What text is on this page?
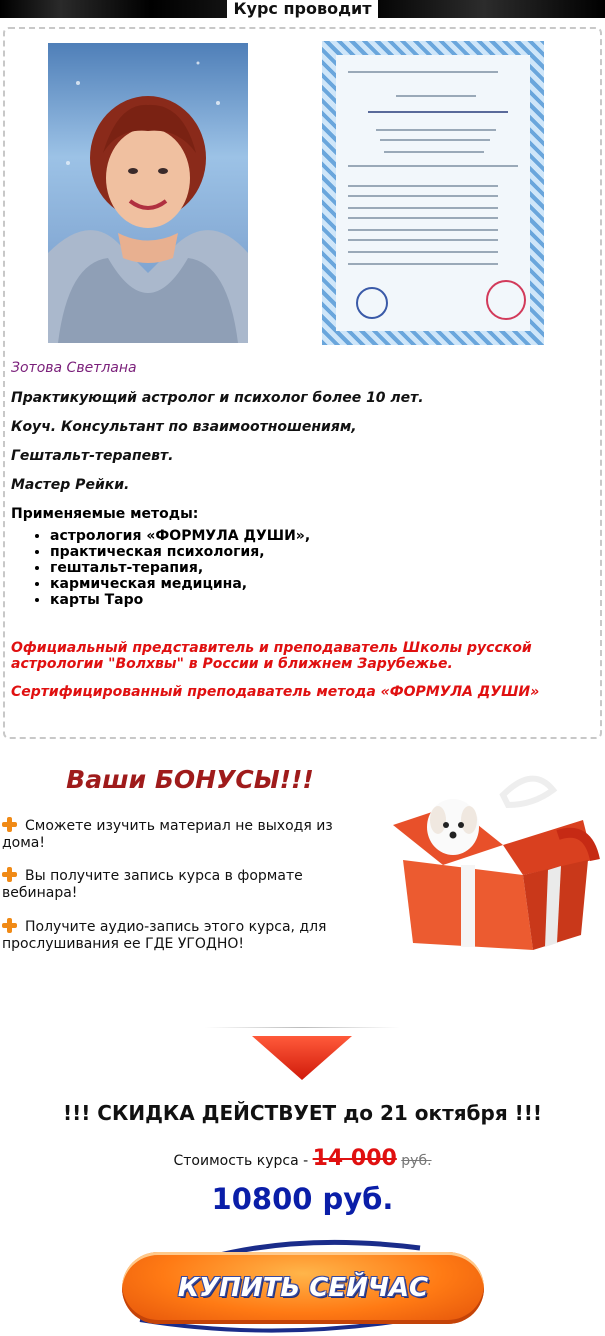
Курс проводит
Зотова Светлана
Практикующий астролог и психолог более 10 лет.
Коуч. Консультант по взаимоотношениям,
Гештальт-терапевт.
Мастер Рейки.
Применяемые методы:
• астрология «ФОРМУЛА ДУШИ»,
• практическая психология,
• гештальт-терапия,
• кармическая медицина,
• карты Таро
Официальный представитель и преподаватель Школы русской астрологии "Волхвы" в России и ближнем Зарубежье.
Сертифицированный преподаватель метода «ФОРМУЛА ДУШИ»
Ваши БОНУСЫ!!!
Сможете изучить материал не выходя из дома!
Вы получите запись курса в формате вебинара!
Получите аудио-запись этого курса, для прослушивания ее ГДЕ УГОДНО!
!!! СКИДКА ДЕЙСТВУЕТ до 21 октября !!!
Стоимость курса - 14 000 руб.
10800 руб.
КУПИТЬ СЕЙЧАС
